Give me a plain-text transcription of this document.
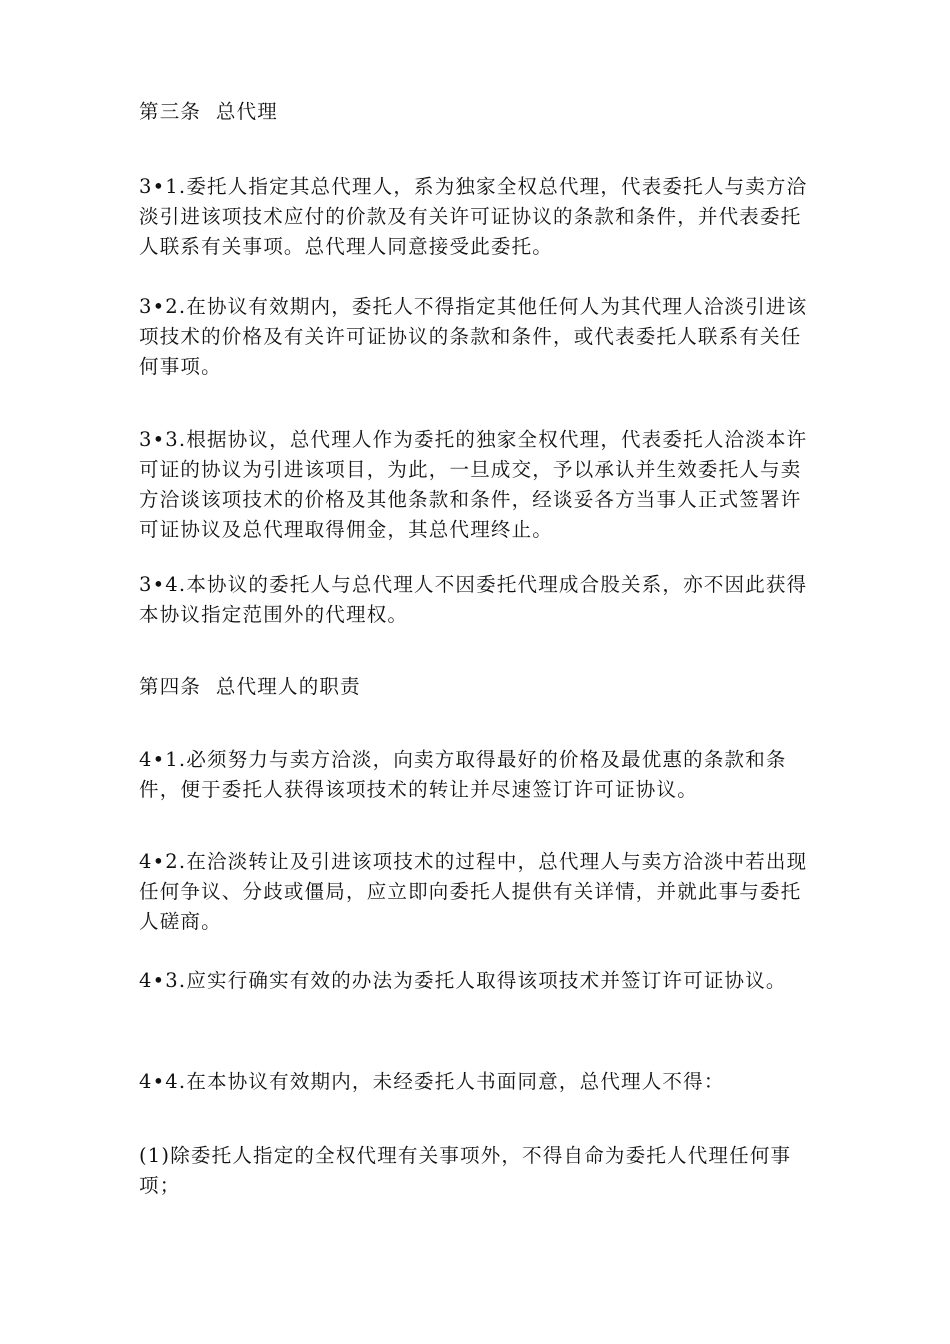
第三条  总代理
3•1.委托人指定其总代理人，系为独家全权总代理，代表委托人与卖方洽淡引进该项技术应付的价款及有关许可证协议的条款和条件，并代表委托人联系有关事项。总代理人同意接受此委托。
3•2.在协议有效期内，委托人不得指定其他任何人为其代理人洽淡引进该项技术的价格及有关许可证协议的条款和条件，或代表委托人联系有关任何事项。
3•3.根据协议，总代理人作为委托的独家全权代理，代表委托人洽淡本许可证的协议为引进该项目，为此，一旦成交，予以承认并生效委托人与卖方洽谈该项技术的价格及其他条款和条件，经谈妥各方当事人正式签署许可证协议及总代理取得佣金，其总代理终止。
3•4.本协议的委托人与总代理人不因委托代理成合股关系，亦不因此获得本协议指定范围外的代理权。
第四条  总代理人的职责
4•1.必须努力与卖方洽淡，向卖方取得最好的价格及最优惠的条款和条件，便于委托人获得该项技术的转让并尽速签订许可证协议。
4•2.在洽淡转让及引进该项技术的过程中，总代理人与卖方洽淡中若出现任何争议、分歧或僵局，应立即向委托人提供有关详情，并就此事与委托人磋商。
4•3.应实行确实有效的办法为委托人取得该项技术并签订许可证协议。
4•4.在本协议有效期内，未经委托人书面同意，总代理人不得：
(1)除委托人指定的全权代理有关事项外，不得自命为委托人代理任何事项；
